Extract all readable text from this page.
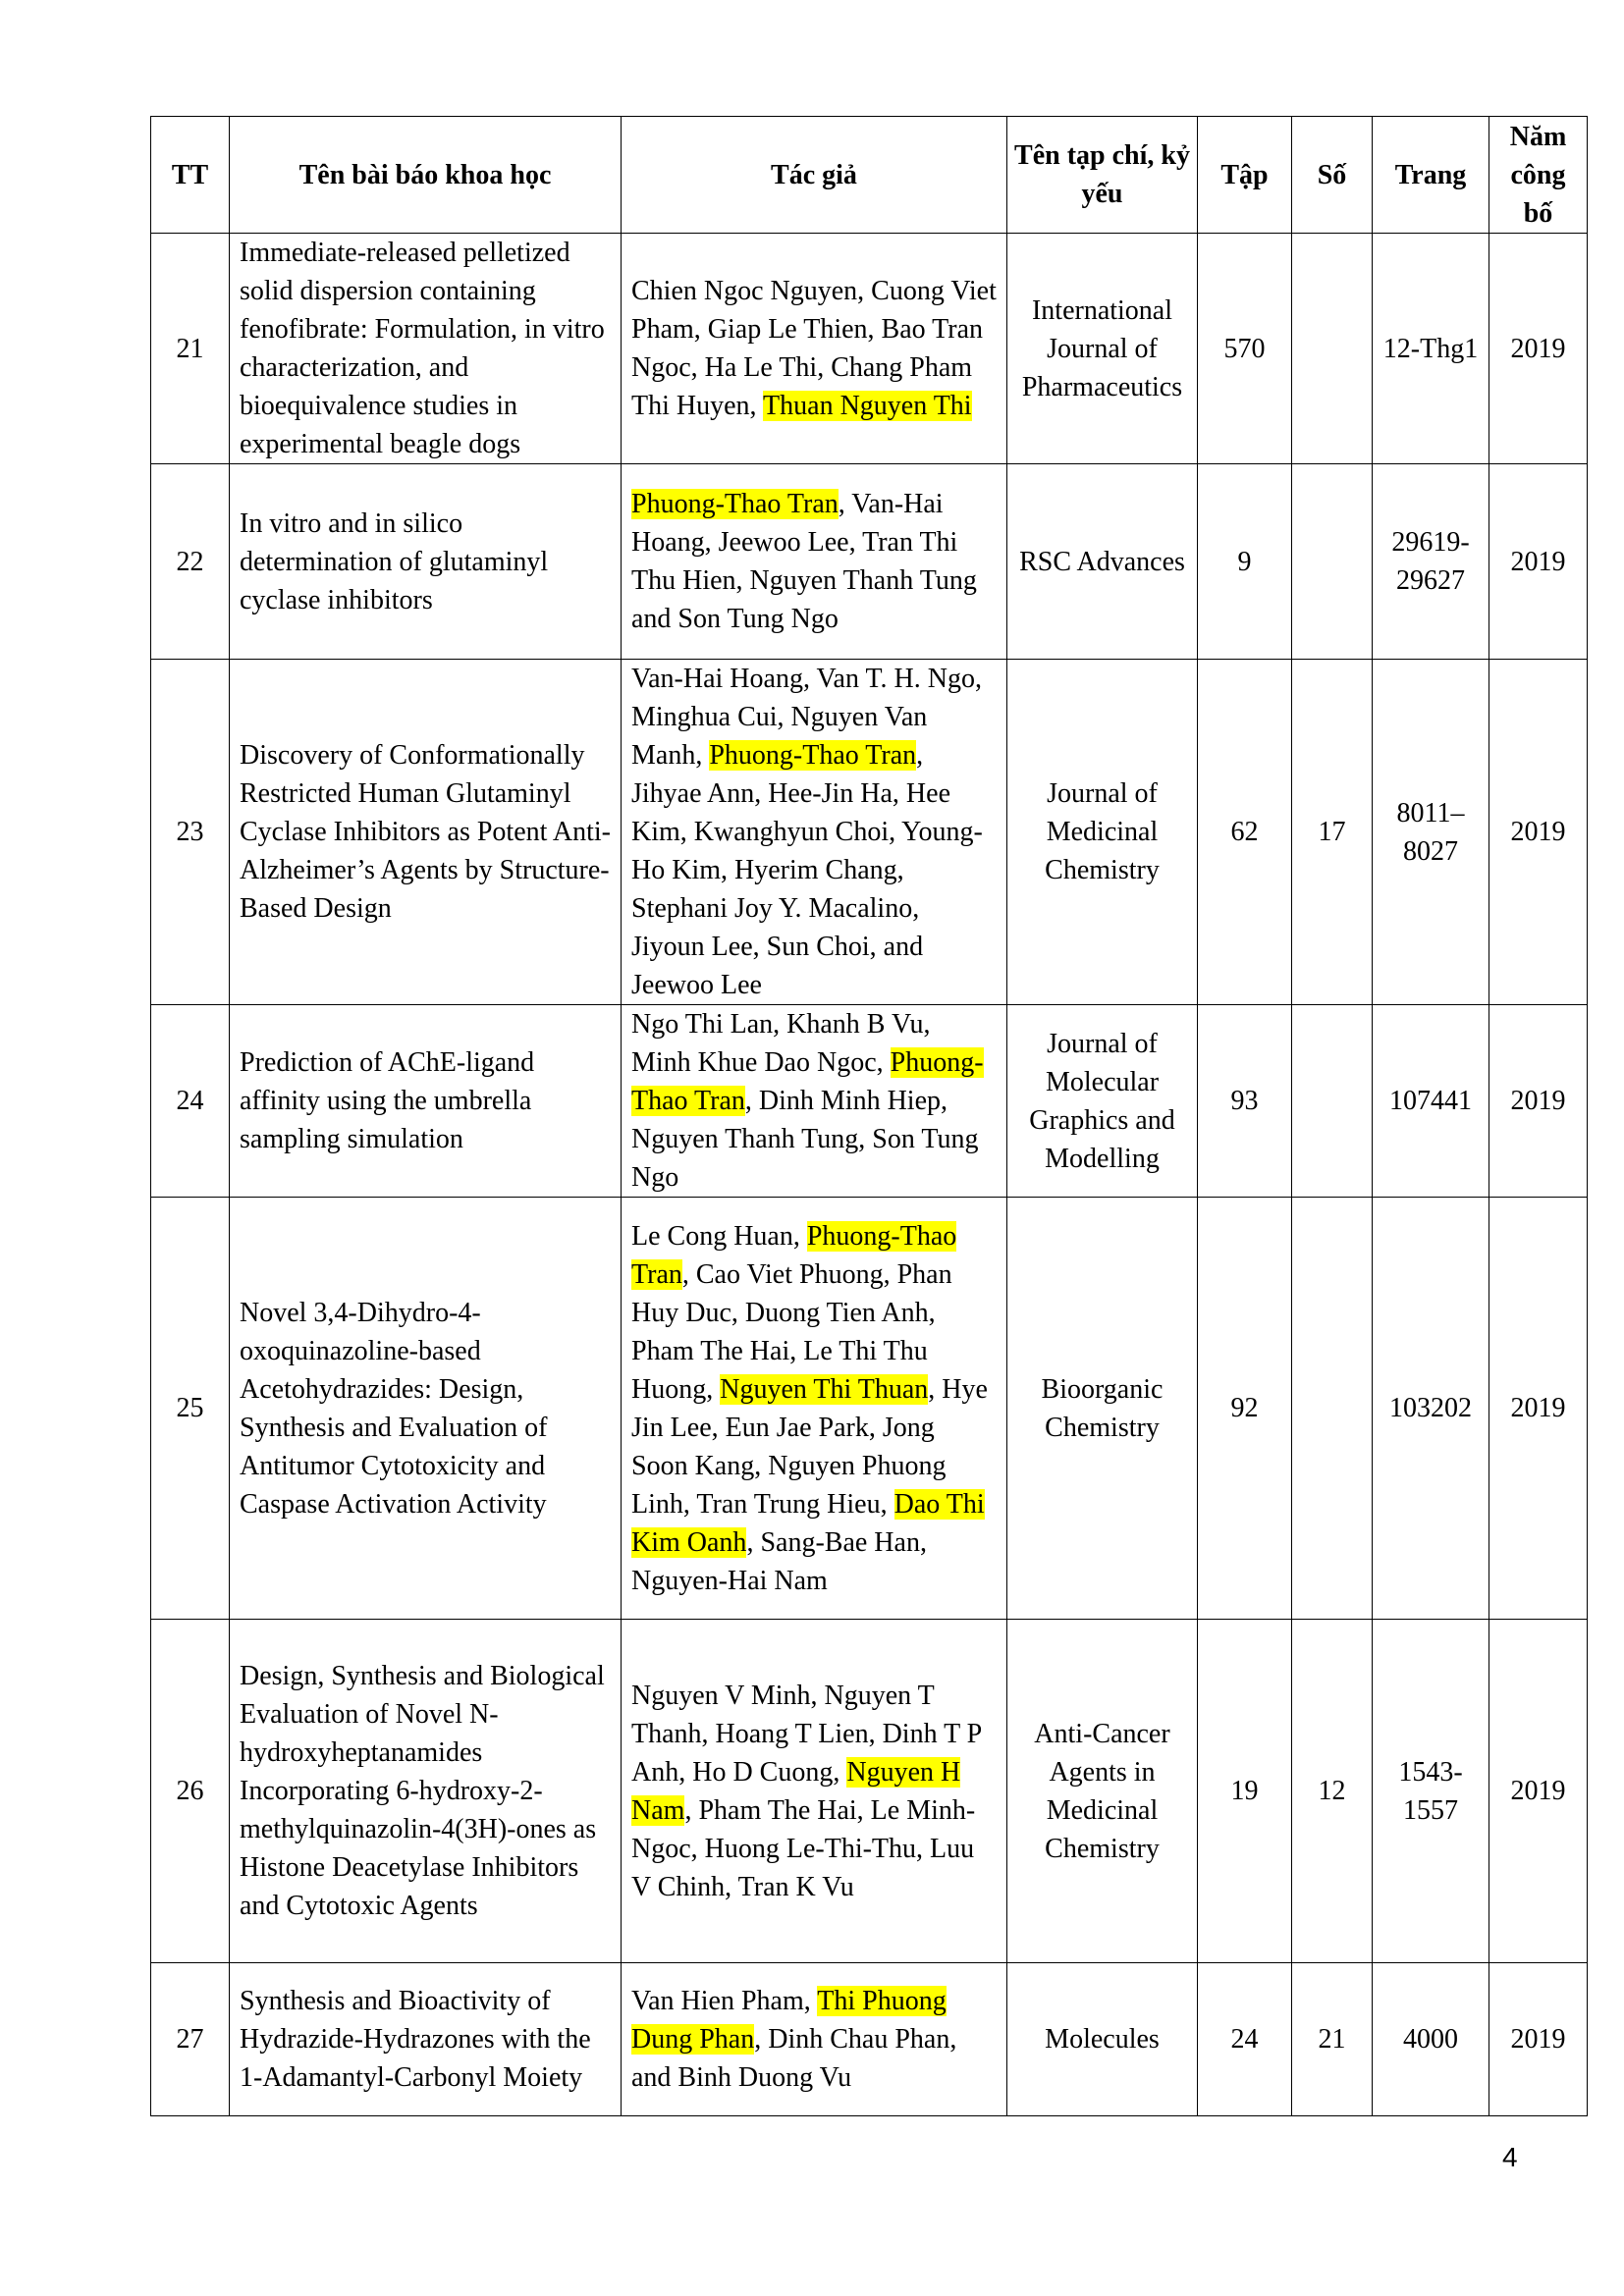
TT	Tên bài báo khoa học	Tác giả	Tên tạp chí, kỷ yếu	Tập	Số	Trang	Năm công bố
21	Immediate-released pelletized solid dispersion containing fenofibrate: Formulation, in vitro characterization, and bioequivalence studies in experimental beagle dogs	Chien Ngoc Nguyen, Cuong Viet Pham, Giap Le Thien, Bao Tran Ngoc, Ha Le Thi, Chang Pham Thi Huyen, Thuan Nguyen Thi	International Journal of Pharmaceutics	570		12-Thg1	2019
22	In vitro and in silico determination of glutaminyl cyclase inhibitors	Phuong-Thao Tran, Van-Hai Hoang, Jeewoo Lee, Tran Thi Thu Hien, Nguyen Thanh Tung and Son Tung Ngo	RSC Advances	9		29619-29627	2019
23	Discovery of Conformationally Restricted Human Glutaminyl Cyclase Inhibitors as Potent Anti-Alzheimer’s Agents by Structure-Based Design	Van-Hai Hoang, Van T. H. Ngo, Minghua Cui, Nguyen Van Manh, Phuong-Thao Tran, Jihyae Ann, Hee-Jin Ha, Hee Kim, Kwanghyun Choi, Young-Ho Kim, Hyerim Chang, Stephani Joy Y. Macalino, Jiyoun Lee, Sun Choi, and Jeewoo Lee	Journal of Medicinal Chemistry	62	17	8011–8027	2019
24	Prediction of AChE-ligand affinity using the umbrella sampling simulation	Ngo Thi Lan, Khanh B Vu, Minh Khue Dao Ngoc, Phuong-Thao Tran, Dinh Minh Hiep, Nguyen Thanh Tung, Son Tung Ngo	Journal of Molecular Graphics and Modelling	93		107441	2019
25	Novel 3,4-Dihydro-4-oxoquinazoline-based Acetohydrazides: Design, Synthesis and Evaluation of Antitumor Cytotoxicity and Caspase Activation Activity	Le Cong Huan, Phuong-Thao Tran, Cao Viet Phuong, Phan Huy Duc, Duong Tien Anh, Pham The Hai, Le Thi Thu Huong, Nguyen Thi Thuan, Hye Jin Lee, Eun Jae Park, Jong Soon Kang, Nguyen Phuong Linh, Tran Trung Hieu, Dao Thi Kim Oanh, Sang-Bae Han, Nguyen-Hai Nam	Bioorganic Chemistry	92		103202	2019
26	Design, Synthesis and Biological Evaluation of Novel N-hydroxyheptanamides Incorporating 6-hydroxy-2-methylquinazolin-4(3H)-ones as Histone Deacetylase Inhibitors and Cytotoxic Agents	Nguyen V Minh, Nguyen T Thanh, Hoang T Lien, Dinh T P Anh, Ho D Cuong, Nguyen H Nam, Pham The Hai, Le Minh-Ngoc, Huong Le-Thi-Thu, Luu V Chinh, Tran K Vu	Anti-Cancer Agents in Medicinal Chemistry	19	12	1543-1557	2019
27	Synthesis and Bioactivity of Hydrazide-Hydrazones with the 1-Adamantyl-Carbonyl Moiety	Van Hien Pham, Thi Phuong Dung Phan, Dinh Chau Phan, and Binh Duong Vu	Molecules	24	21	4000	2019
4
